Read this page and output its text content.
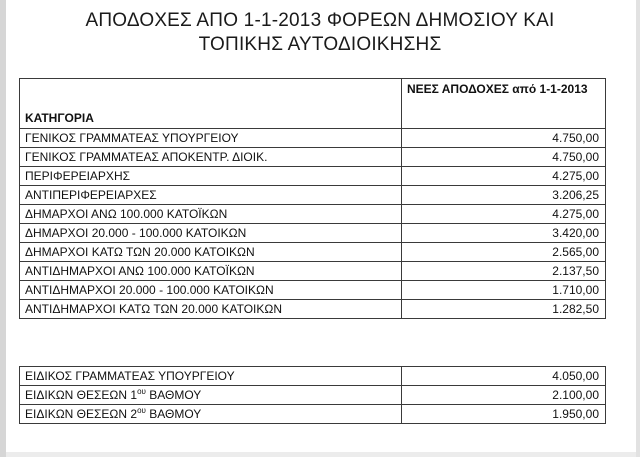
ΑΠΟΔΟΧΕΣ ΑΠΟ 1-1-2013 ΦΟΡΕΩΝ ΔΗΜΟΣΙΟΥ ΚΑΙ
ΤΟΠΙΚΗΣ ΑΥΤΟΔΙΟΙΚΗΣΗΣ
ΚΑΤΗΓΟΡΙΑ	ΝΕΕΣ ΑΠΟΔΟΧΕΣ από 1-1-2013
ΓΕΝΙΚΟΣ ΓΡΑΜΜΑΤΕΑΣ ΥΠΟΥΡΓΕΙΟΥ	4.750,00
ΓΕΝΙΚΟΣ ΓΡΑΜΜΑΤΕΑΣ ΑΠΟΚΕΝΤΡ. ΔΙΟΙΚ.	4.750,00
ΠΕΡΙΦΕΡΕΙΑΡΧΗΣ	4.275,00
ΑΝΤΙΠΕΡΙΦΕΡΕΙΑΡΧΕΣ	3.206,25
ΔΗΜΑΡΧΟΙ ΑΝΩ 100.000 ΚΑΤΟΪΚΩΝ	4.275,00
ΔΗΜΑΡΧΟΙ 20.000 - 100.000 ΚΑΤΟΙΚΩΝ	3.420,00
ΔΗΜΑΡΧΟΙ ΚΑΤΩ ΤΩΝ 20.000 ΚΑΤΟΙΚΩΝ	2.565,00
ΑΝΤΙΔΗΜΑΡΧΟΙ ΑΝΩ 100.000 ΚΑΤΟΪΚΩΝ	2.137,50
ΑΝΤΙΔΗΜΑΡΧΟΙ 20.000 - 100.000 ΚΑΤΟΙΚΩΝ	1.710,00
ΑΝΤΙΔΗΜΑΡΧΟΙ ΚΑΤΩ ΤΩΝ 20.000 ΚΑΤΟΙΚΩΝ	1.282,50
ΕΙΔΙΚΟΣ ΓΡΑΜΜΑΤΕΑΣ ΥΠΟΥΡΓΕΙΟΥ	4.050,00
ΕΙΔΙΚΩΝ ΘΕΣΕΩΝ $1^{o\upsilon}$ ΒΑΘΜΟΥ	2.100,00
ΕΙΔΙΚΩΝ ΘΕΣΕΩΝ $2^{o\upsilon}$ ΒΑΘΜΟΥ	1.950,00
